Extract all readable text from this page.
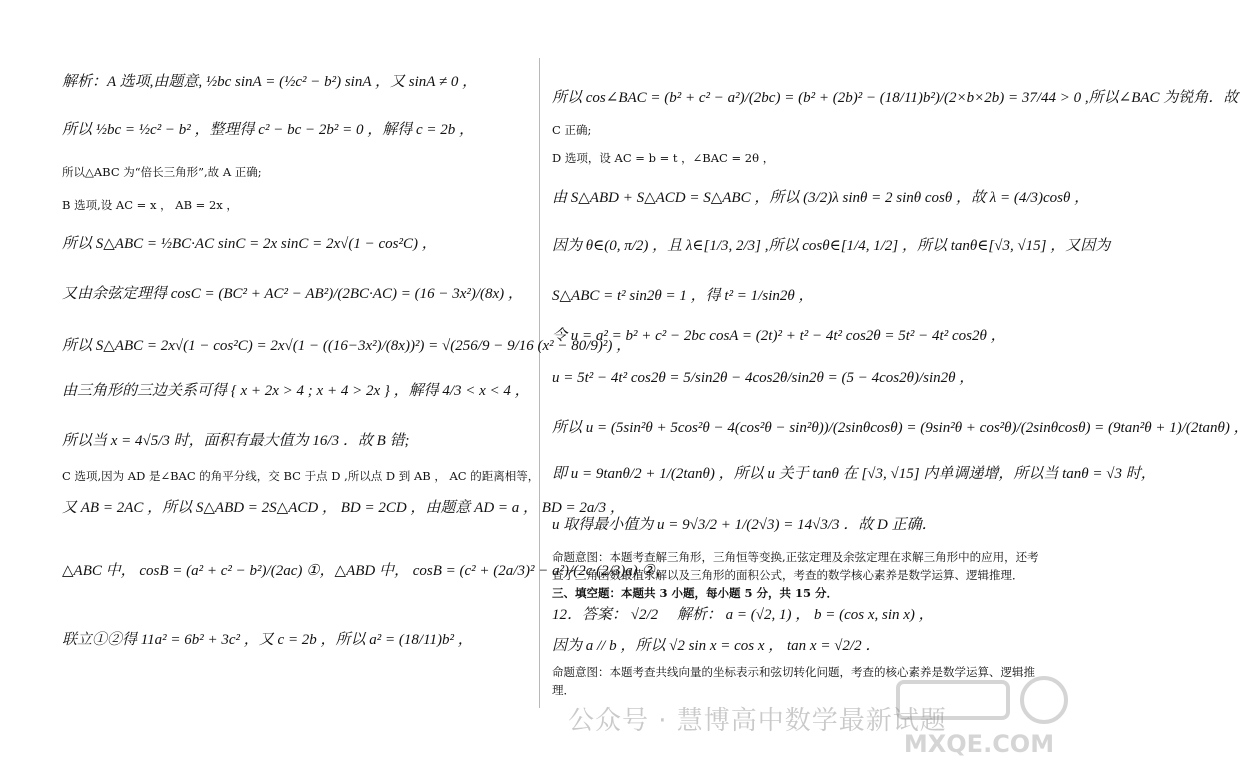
解析：A 选项,由题意, ½bc sinA = (½c² − b²) sinA ，又 sinA ≠ 0 ，
所以 ½bc = ½c² − b² ，整理得 c² − bc − 2b² = 0 ，解得 c = 2b ，
所以△ABC 为“倍长三角形”,故 A 正确;
B 选项,设 AC = x ， AB = 2x ，
所以 S△ABC = ½BC·AC sinC = 2x sinC = 2x√(1 − cos²C) ，
又由余弦定理得 cosC = (BC² + AC² − AB²)/(2BC·AC) = (16 − 3x²)/(8x) ，
所以 S△ABC = 2x√(1 − cos²C) = 2x√(1 − ((16−3x²)/(8x))²) = √(256/9 − 9/16 (x² − 80/9)²) ，
由三角形的三边关系可得 { x + 2x > 4 ; x + 4 > 2x } ，解得 4/3 < x < 4 ，
所以当 x = 4√5/3 时，面积有最大值为 16/3 ．故 B 错;
C 选项,因为 AD 是∠BAC 的角平分线，交 BC 于点 D ,所以点 D 到 AB ， AC 的距离相等，
又 AB = 2AC ，所以 S△ABD = 2S△ACD ， BD = 2CD ，由题意 AD = a ， BD = 2a/3 ，
△ABC 中， cosB = (a² + c² − b²)/(2ac) ①，△ABD 中， cosB = (c² + (2a/3)² − a²)/(2c·(2/3)a) ②，
联立①②得 11a² = 6b² + 3c² ，又 c = 2b ，所以 a² = (18/11)b² ，
所以 cos∠BAC = (b² + c² − a²)/(2bc) = (b² + (2b)² − (18/11)b²)/(2×b×2b) = 37/44 > 0 ,所以∠BAC 为锐角．故
C 正确;
D 选项，设 AC = b = t ，∠BAC = 2θ ，
由 S△ABD + S△ACD = S△ABC ，所以 (3/2)λ sinθ = 2 sinθ cosθ ，故 λ = (4/3)cosθ ，
因为 θ∈(0, π/2) ，且 λ∈[1/3, 2/3] ,所以 cosθ∈[1/4, 1/2] ，所以 tanθ∈[√3, √15] ，又因为
S△ABC = t² sin2θ = 1 ，得 t² = 1/sin2θ ，
令 u = a² = b² + c² − 2bc cosA = (2t)² + t² − 4t² cos2θ = 5t² − 4t² cos2θ ，
u = 5t² − 4t² cos2θ = 5/sin2θ − 4cos2θ/sin2θ = (5 − 4cos2θ)/sin2θ ，
所以 u = (5sin²θ + 5cos²θ − 4(cos²θ − sin²θ))/(2sinθcosθ) = (9sin²θ + cos²θ)/(2sinθcosθ) = (9tan²θ + 1)/(2tanθ) ，
即 u = 9tanθ/2 + 1/(2tanθ) ，所以 u 关于 tanθ 在 [√3, √15] 内单调递增，所以当 tanθ = √3 时，
u 取得最小值为 u = 9√3/2 + 1/(2√3) = 14√3/3 ．故 D 正确．
命题意图：本题考查解三角形，三角恒等变换,正弦定理及余弦定理在求解三角形中的应用，还考
查了三角函数最值求解以及三角形的面积公式，考查的数学核心素养是数学运算、逻辑推理．
三、填空题：本题共 3 小题，每小题 5 分，共 15 分．
12．答案： √2/2 　解析： a = (√2, 1) ， b = (cos x, sin x) ，
因为 a // b ，所以 √2 sin x = cos x ， tan x = √2/2 ．
命题意图：本题考查共线向量的坐标表示和弦切转化问题，考查的核心素养是数学运算、逻辑推
理．
公众号 · 慧博高中数学最新试题
MXQE.COM
